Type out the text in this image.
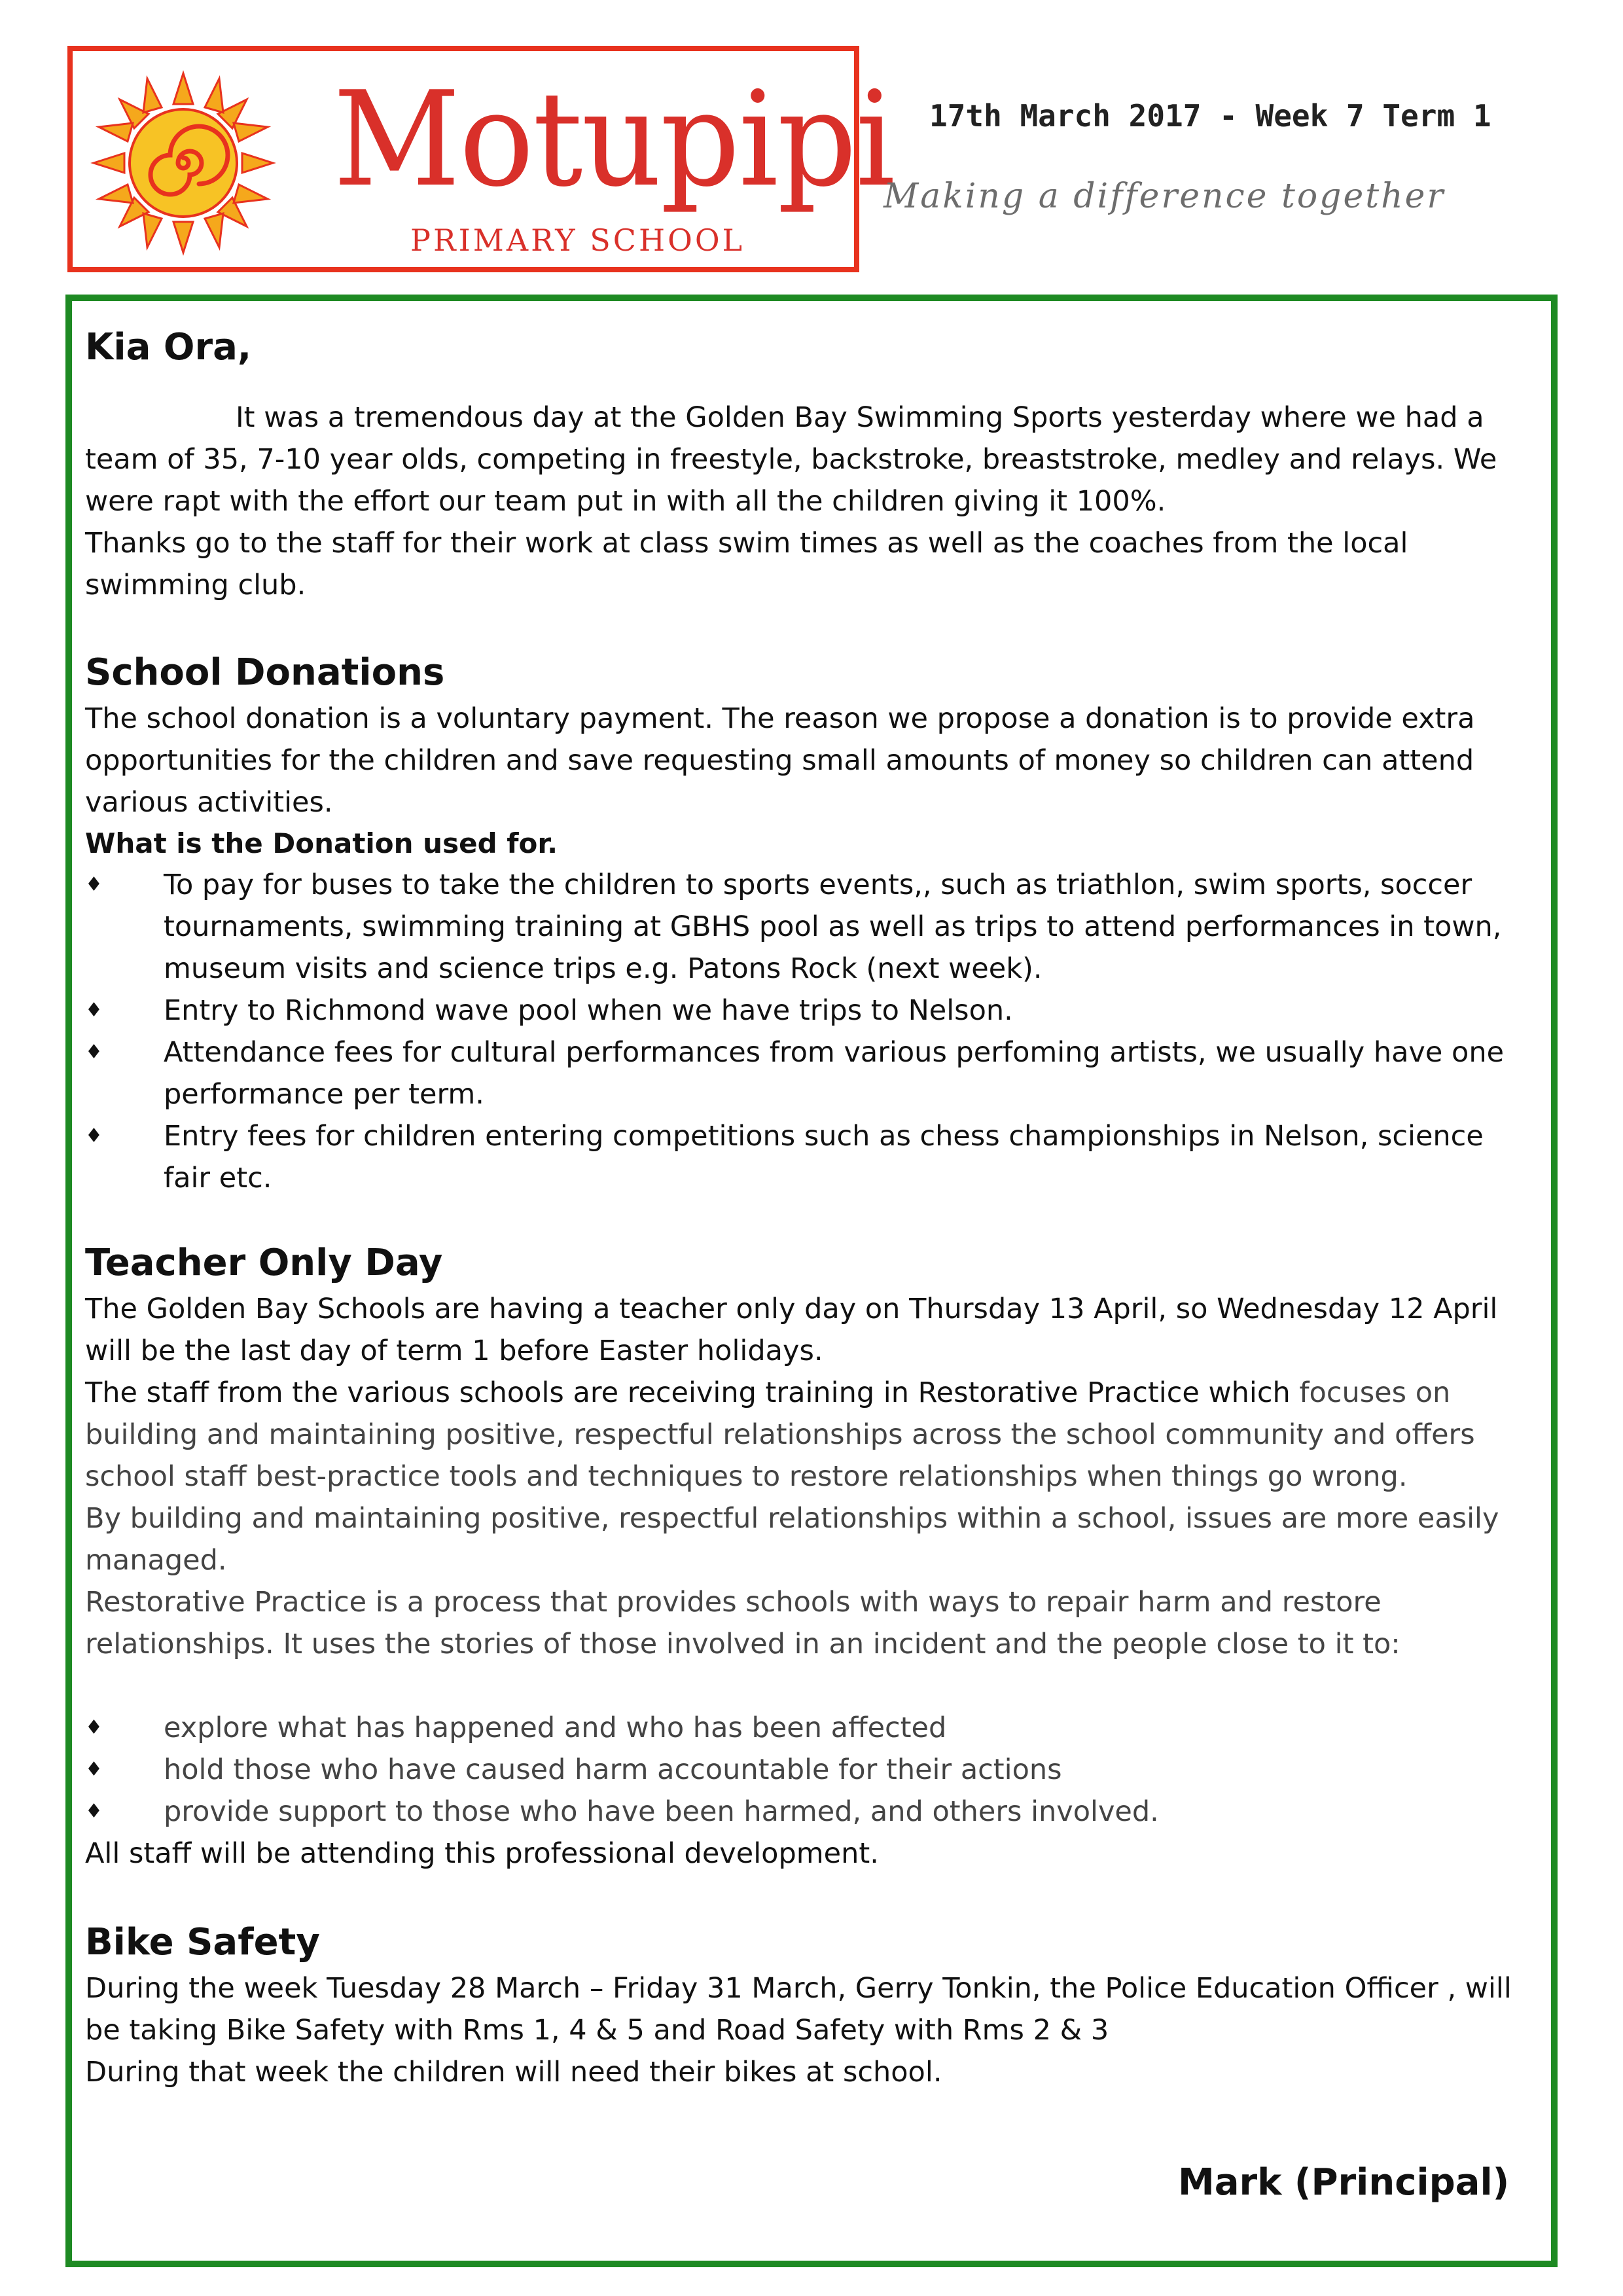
Motupipi
PRIMARY SCHOOL
17th March 2017 - Week 7 Term 1
Making a difference together
Kia Ora,

It was a tremendous day at the Golden Bay Swimming Sports yesterday where we had a team of 35, 7-10 year olds, competing in freestyle, backstroke, breaststroke, medley and relays. We were rapt with the effort our team put in with all the children giving it 100%.

Thanks go to the staff for their work at class swim times as well as the coaches from the local swimming club.

School Donations

The school donation is a voluntary payment. The reason we propose a donation is to provide extra opportunities for the children and save requesting small amounts of money so children can attend various activities.

What is the Donation used for.
♦ To pay for buses to take the children to sports events,, such as triathlon, swim sports, soccer tournaments, swimming training at GBHS pool as well as trips to attend performances in town, museum visits and science trips e.g. Patons Rock (next week).
♦ Entry to Richmond wave pool when we have trips to Nelson.
♦ Attendance fees for cultural performances from various perfoming artists, we usually have one performance per term.
♦ Entry fees for children entering competitions such as chess championships in Nelson, science fair etc.
Teacher Only Day

The Golden Bay Schools are having a teacher only day on Thursday 13 April, so Wednesday 12 April will be the last day of term 1 before Easter holidays.

The staff from the various schools are receiving training in Restorative Practice which focuses on building and maintaining positive, respectful relationships across the school community and offers school staff best-practice tools and techniques to restore relationships when things go wrong.

By building and maintaining positive, respectful relationships within a school, issues are more easily managed.

Restorative Practice is a process that provides schools with ways to repair harm and restore relationships. It uses the stories of those involved in an incident and the people close to it to:

♦ explore what has happened and who has been affected
♦ hold those who have caused harm accountable for their actions
♦ provide support to those who have been harmed, and others involved.

All staff will be attending this professional development.

Bike Safety

During the week Tuesday 28 March – Friday 31 March, Gerry Tonkin, the Police Education Officer , will be taking Bike Safety with Rms 1, 4 & 5 and Road Safety with Rms 2 & 3

During that week the children will need their bikes at school.

Mark (Principal)
